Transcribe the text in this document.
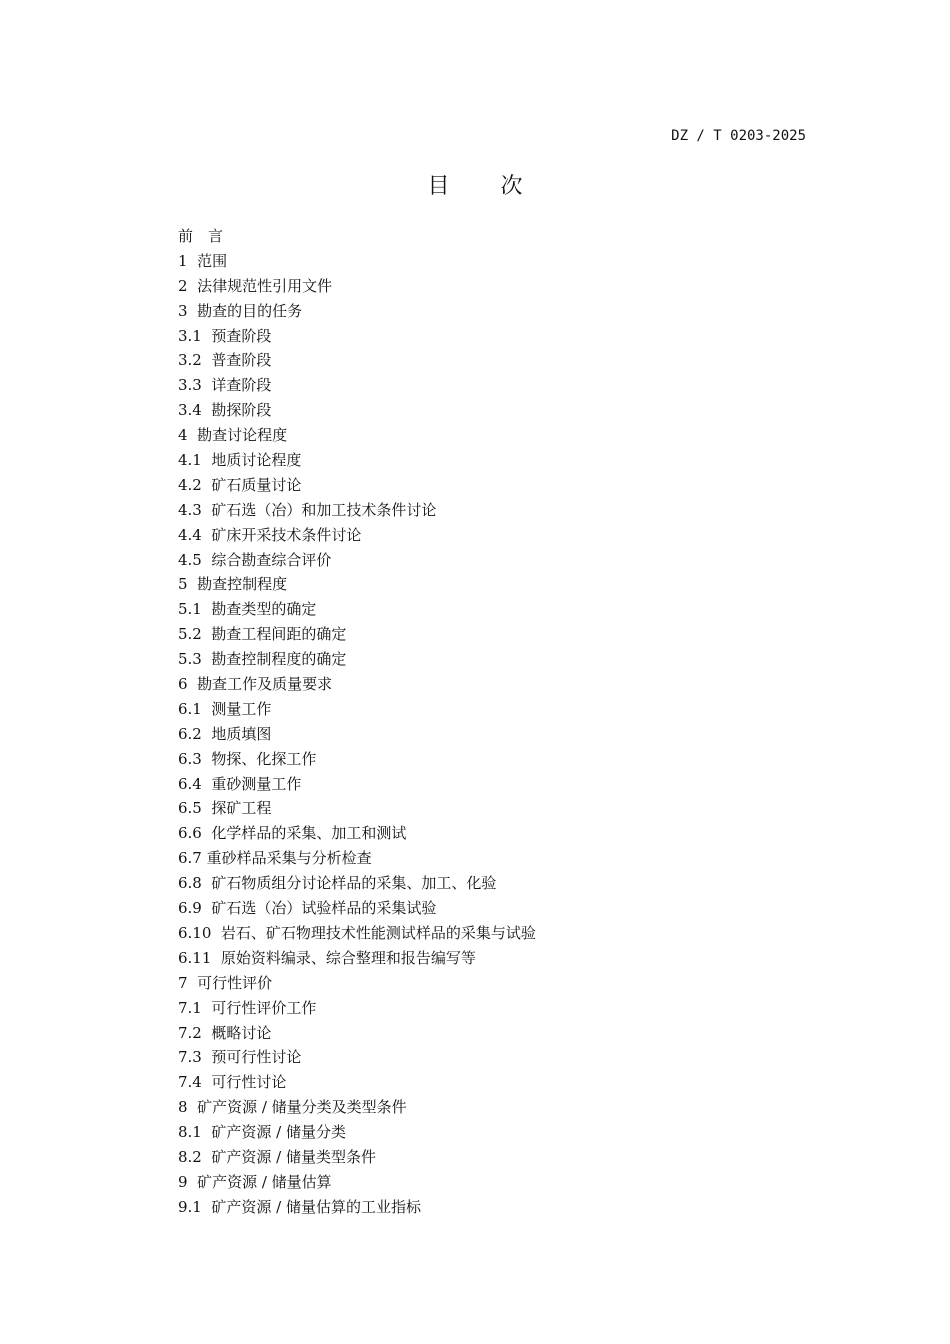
DZ / T 0203-2025
目 次
前　言
1  范围
2  法律规范性引用文件
3  勘查的目的任务
3.1  预查阶段
3.2  普查阶段
3.3  详查阶段
3.4  勘探阶段
4  勘查讨论程度
4.1  地质讨论程度
4.2  矿石质量讨论
4.3  矿石选（冶）和加工技术条件讨论
4.4  矿床开采技术条件讨论
4.5  综合勘查综合评价
5  勘查控制程度
5.1  勘查类型的确定
5.2  勘查工程间距的确定
5.3  勘查控制程度的确定
6  勘查工作及质量要求
6.1  测量工作
6.2  地质填图
6.3  物探、化探工作
6.4  重砂测量工作
6.5  探矿工程
6.6  化学样品的采集、加工和测试
6.7 重砂样品采集与分析检查
6.8  矿石物质组分讨论样品的采集、加工、化验
6.9  矿石选（冶）试验样品的采集试验
6.10  岩石、矿石物理技术性能测试样品的采集与试验
6.11  原始资料编录、综合整理和报告编写等
7  可行性评价
7.1  可行性评价工作
7.2  概略讨论
7.3  预可行性讨论
7.4  可行性讨论
8  矿产资源 / 储量分类及类型条件
8.1  矿产资源 / 储量分类
8.2  矿产资源 / 储量类型条件
9  矿产资源 / 储量估算
9.1  矿产资源 / 储量估算的工业指标
